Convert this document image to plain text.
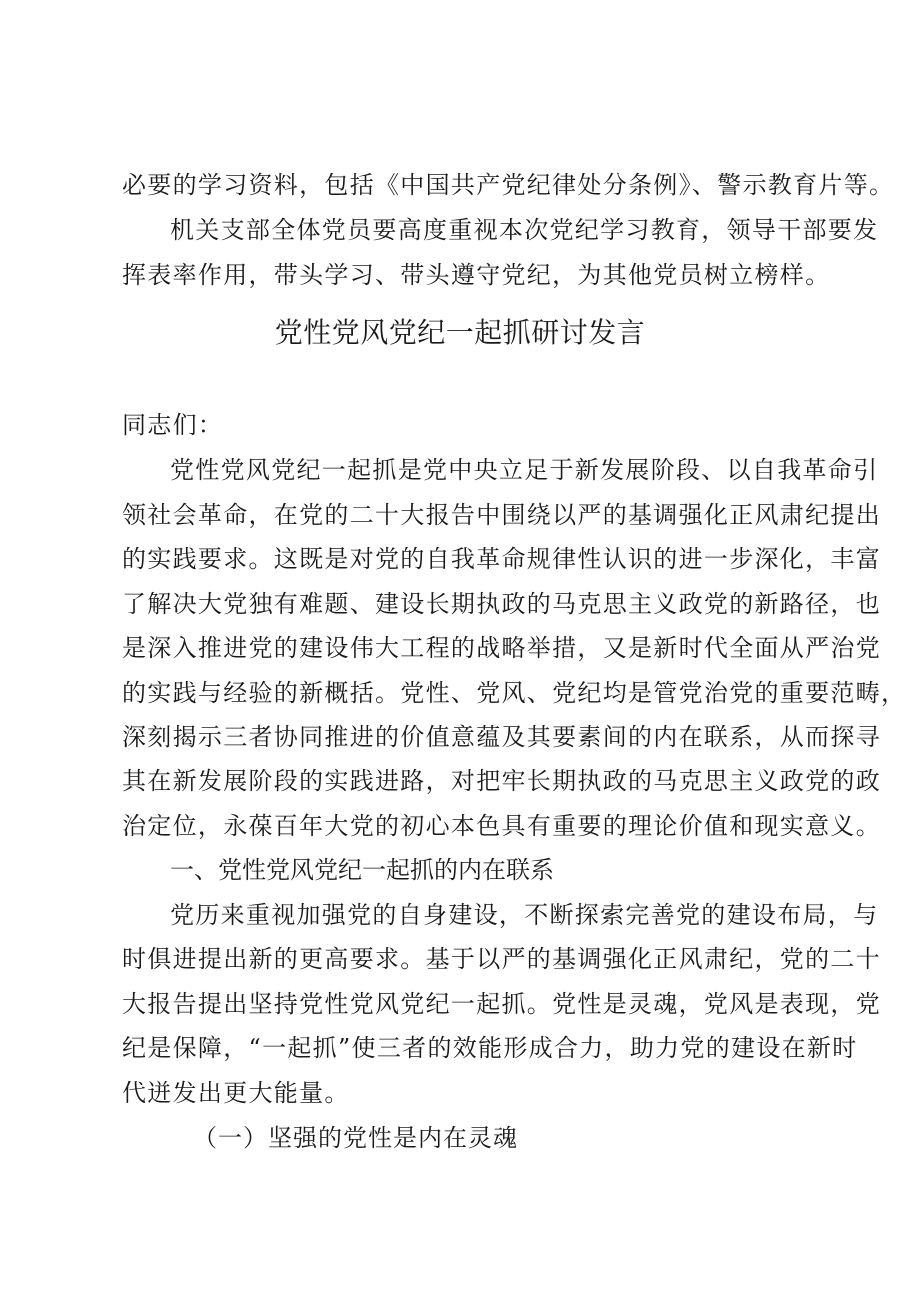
必要的学习资料，包括《中国共产党纪律处分条例》、警示教育片等。
机关支部全体党员要高度重视本次党纪学习教育，领导干部要发
挥表率作用，带头学习、带头遵守党纪，为其他党员树立榜样。
党性党风党纪一起抓研讨发言
同志们：
党性党风党纪一起抓是党中央立足于新发展阶段、以自我革命引
领社会革命，在党的二十大报告中围绕以严的基调强化正风肃纪提出
的实践要求。这既是对党的自我革命规律性认识的进一步深化，丰富
了解决大党独有难题、建设长期执政的马克思主义政党的新路径，也
是深入推进党的建设伟大工程的战略举措，又是新时代全面从严治党
的实践与经验的新概括。党性、党风、党纪均是管党治党的重要范畴，
深刻揭示三者协同推进的价值意蕴及其要素间的内在联系，从而探寻
其在新发展阶段的实践进路，对把牢长期执政的马克思主义政党的政
治定位，永葆百年大党的初心本色具有重要的理论价值和现实意义。
一、党性党风党纪一起抓的内在联系
党历来重视加强党的自身建设，不断探索完善党的建设布局，与
时俱进提出新的更高要求。基于以严的基调强化正风肃纪，党的二十
大报告提出坚持党性党风党纪一起抓。党性是灵魂，党风是表现，党
纪是保障，“一起抓”使三者的效能形成合力，助力党的建设在新时
代迸发出更大能量。
（一）坚强的党性是内在灵魂
